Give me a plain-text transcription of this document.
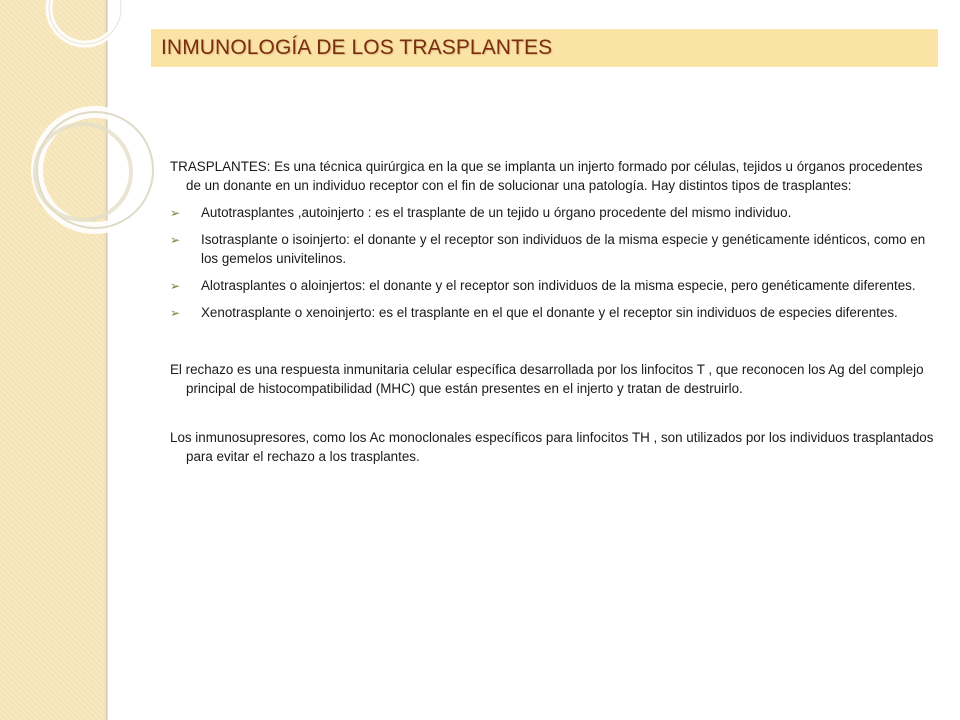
INMUNOLOGÍA DE LOS TRASPLANTES

TRASPLANTES: Es una técnica quirúrgica en la que se implanta un injerto formado por células, tejidos u órganos procedentes de un donante en un individuo receptor con el fin de solucionar una patología. Hay distintos tipos de trasplantes:

➢ Autotrasplantes ,autoinjerto : es el trasplante de un tejido u órgano procedente del mismo individuo.
➢ Isotrasplante o isoinjerto: el donante y el receptor son individuos de la misma especie y genéticamente idénticos, como en los gemelos univitelinos.
➢ Alotrasplantes o aloinjertos: el donante y el receptor son individuos de la misma especie, pero genéticamente diferentes.
➢ Xenotrasplante o xenoinjerto: es el trasplante en el que el donante y el receptor sin individuos de especies diferentes.

El rechazo es una respuesta inmunitaria celular específica desarrollada por los linfocitos T , que reconocen los Ag del complejo principal de histocompatibilidad (MHC) que están presentes en el injerto y tratan de destruirlo.

Los inmunosupresores, como los Ac monoclonales específicos para linfocitos TH , son utilizados por los individuos trasplantados para evitar el rechazo a los trasplantes.
